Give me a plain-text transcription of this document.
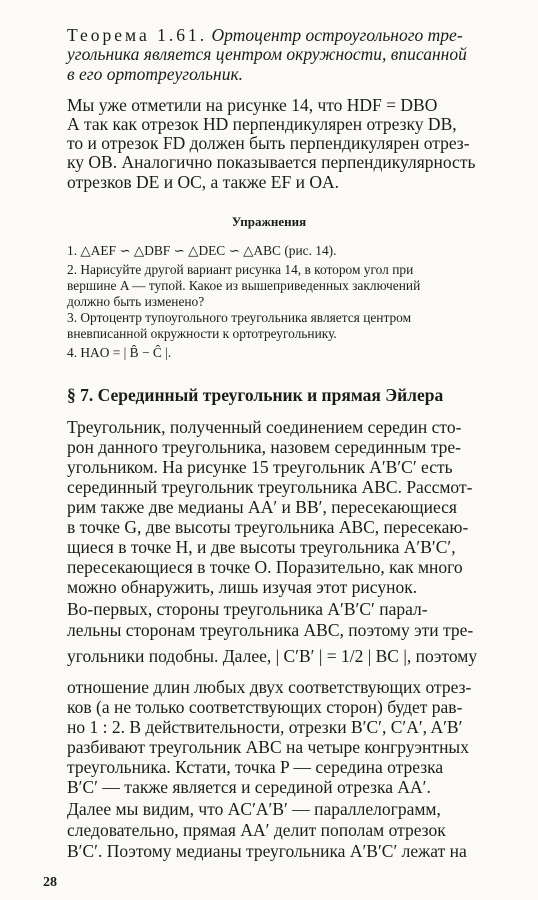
Теорема 1.61. Ортоцентр остроугольного тре-
угольника является центром окружности, вписанной
в его ортотреугольник.
Мы уже отметили на рисунке 14, что HDF = DBO
А так как отрезок HD перпендикулярен отрезку DB,
то и отрезок FD должен быть перпендикулярен отрез-
ку OB. Аналогично показывается перпендикулярность
отрезков DE и OC, а также EF и OA.
Упражнения
1. △AEF ∽ △DBF ∽ △DEC ∽ △ABC (рис. 14).
2. Нарисуйте другой вариант рисунка 14, в котором угол при
вершине A — тупой. Какое из вышеприведенных заключений
должно быть изменено?
3. Ортоцентр тупоугольного треугольника является центром
вневписанной окружности к ортотреугольнику.
4. HAO = | B̂ − Ĉ |.
§ 7. Серединный треугольник и прямая Эйлера
Треугольник, полученный соединением середин сто-
рон данного треугольника, назовем серединным тре-
угольником. На рисунке 15 треугольник A′B′C′ есть
серединный треугольник треугольника ABC. Рассмот-
рим также две медианы AA′ и BB′, пересекающиеся
в точке G, две высоты треугольника ABC, пересекаю-
щиеся в точке H, и две высоты треугольника A′B′C′,
пересекающиеся в точке O. Поразительно, как много
можно обнаружить, лишь изучая этот рисунок.
Во-первых, стороны треугольника A′B′C′ парал-
лельны сторонам треугольника ABC, поэтому эти тре-
угольники подобны. Далее, | C′B′ | = 1/2 | BC |, поэтому
отношение длин любых двух соответствующих отрез-
ков (а не только соответствующих сторон) будет рав-
но 1 : 2. В действительности, отрезки B′C′, C′A′, A′B′
разбивают треугольник ABC на четыре конгруэнтных
треугольника. Кстати, точка P — середина отрезка
B′C′ — также является и серединой отрезка AA′.
Далее мы видим, что AC′A′B′ — параллелограмм,
следовательно, прямая AA′ делит пополам отрезок
B′C′. Поэтому медианы треугольника A′B′C′ лежат на
28
